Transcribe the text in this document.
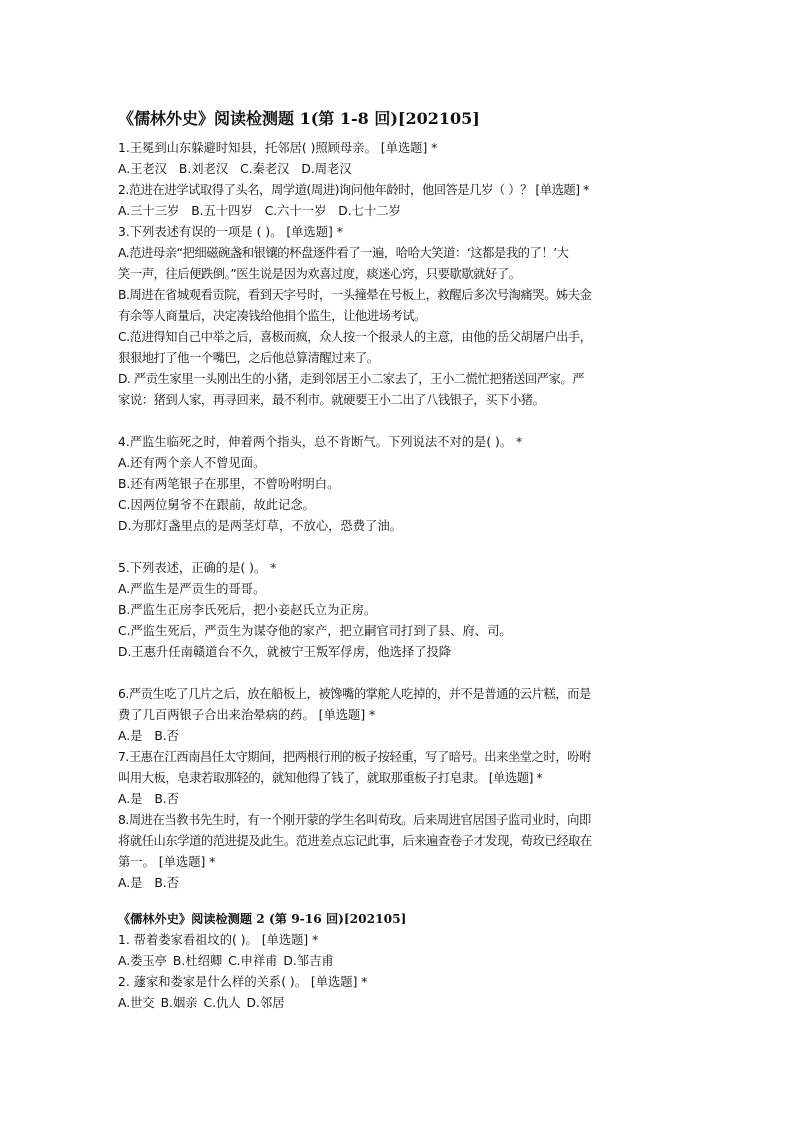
《儒林外史》阅读检测题 1(第 1-8 回)[202105]
1.王冕到山东躲避时知县，托邻居( )照顾母亲。 [单选题] *
A.王老汉 B.刘老汉 C.秦老汉 D.周老汉
2.范进在进学试取得了头名，周学道(周进)询问他年龄时，他回答是几岁（ ）？ [单选题] *
A.三十三岁 B.五十四岁 C.六十一岁 D.七十二岁
3.下列表述有误的一项是 ( )。 [单选题] *
A.范进母亲“把细磁碗盏和银镶的杯盘逐件看了一遍，哈哈大笑道：‘这都是我的了！’大
笑一声，往后便跌倒。”医生说是因为欢喜过度，痰迷心窍，只要歇歇就好了。
B.周进在省城观看贡院，看到天字号时，一头撞晕在号板上，救醒后多次号淘痛哭。姊夫金
有余等人商量后，决定凑钱给他捐个监生，让他进场考试。
C.范进得知自己中举之后，喜极而疯，众人按一个报录人的主意，由他的岳父胡屠户出手，
狠狠地打了他一个嘴巴，之后他总算清醒过来了。
D. 严贡生家里一头刚出生的小猪，走到邻居王小二家去了，王小二慌忙把猪送回严家。严
家说：猪到人家，再寻回来，最不利市。就硬要王小二出了八钱银子，买下小猪。
4.严监生临死之时，伸着两个指头，总不肯断气。下列说法不对的是( )。 *
A.还有两个亲人不曾见面。
B.还有两笔银子在那里，不曾吩咐明白。
C.因两位舅爷不在跟前，故此记念。
D.为那灯盏里点的是两茎灯草，不放心，恐费了油。
5.下列表述，正确的是( )。 *
A.严监生是严贡生的哥哥。
B.严监生正房李氏死后，把小妾赵氏立为正房。
C.严监生死后，严贡生为谋夺他的家产，把立嗣官司打到了县、府、司。
D.王惠升任南赣道台不久，就被宁王叛军俘虏，他选择了投降
6.严贡生吃了几片之后，放在船板上，被馋嘴的掌舵人吃掉的，并不是普通的云片糕，而是
费了几百两银子合出来治晕病的药。 [单选题] *
A.是 B.否
7.王惠在江西南昌任太守期间，把两根行刑的板子按轻重，写了暗号。出来坐堂之时，吩咐
叫用大板，皂隶若取那轻的，就知他得了钱了，就取那重板子打皂隶。 [单选题] *
A.是 B.否
8.周进在当教书先生时，有一个刚开蒙的学生名叫荀玫。后来周进官居国子监司业时，向即
将就任山东学道的范进提及此生。范进差点忘记此事，后来遍查卷子才发现，荀玫已经取在
第一。 [单选题] *
A.是 B.否
《儒林外史》阅读检测题 2 (第 9-16 回)[202105]
1. 帮着娄家看祖坟的( )。 [单选题] *
A.娄玉亭 B.杜绍卿 C.申祥甫 D.邹吉甫
2. 蘧家和娄家是什么样的关系( )。 [单选题] *
A.世交 B.姻亲 C.仇人 D.邻居
